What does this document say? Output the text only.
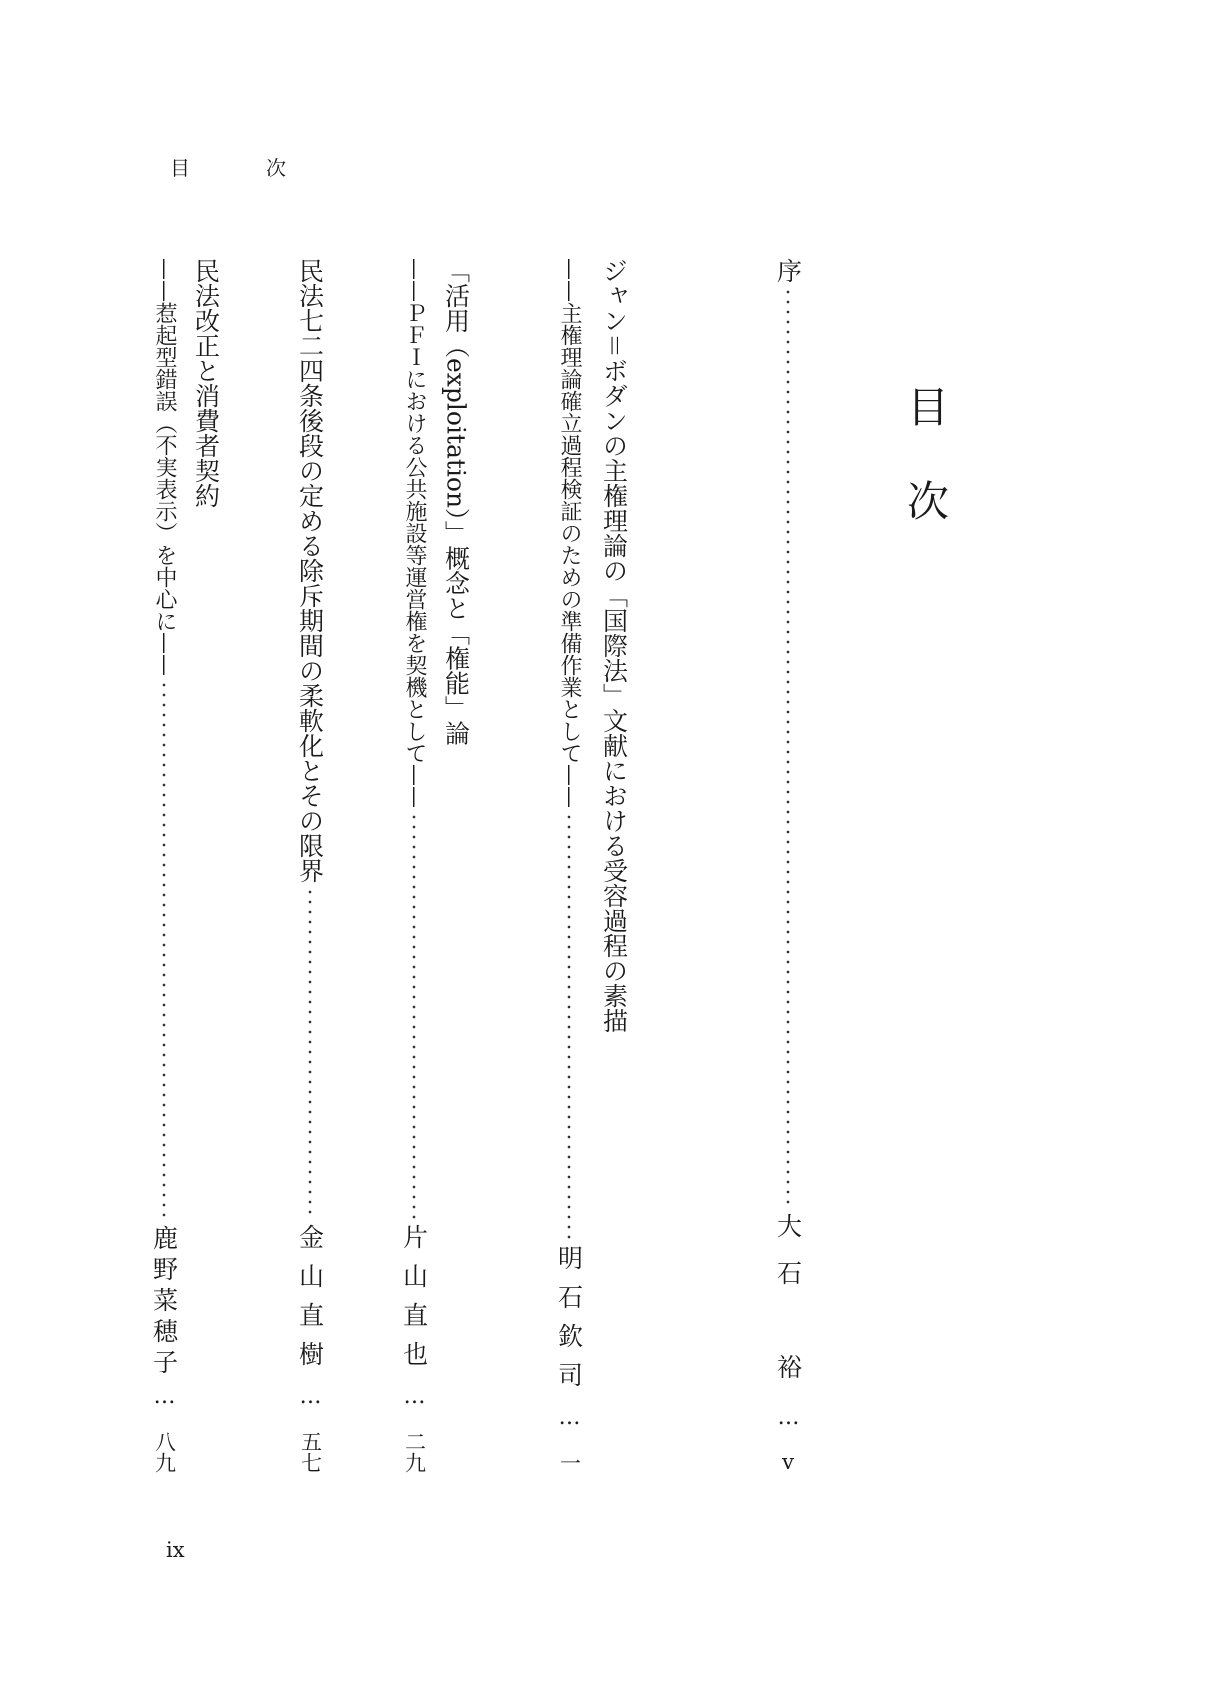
目　次
目次
序
大石　裕
…
v
ジャン＝ボダンの主権理論の「国際法」文献における受容過程の素描
——主権理論確立過程検証のための準備作業として——
明石欽司
…
一
「活用（exploitation）」概念と「権能」論
——ＰＦＩにおける公共施設等運営権を契機として——
片山直也
…
二九
民法七二四条後段の定める除斥期間の柔軟化とその限界
金山直樹
…
五七
民法改正と消費者契約
——惹起型錯誤（不実表示）を中心に——
鹿野菜穂子
…
八九
ix
